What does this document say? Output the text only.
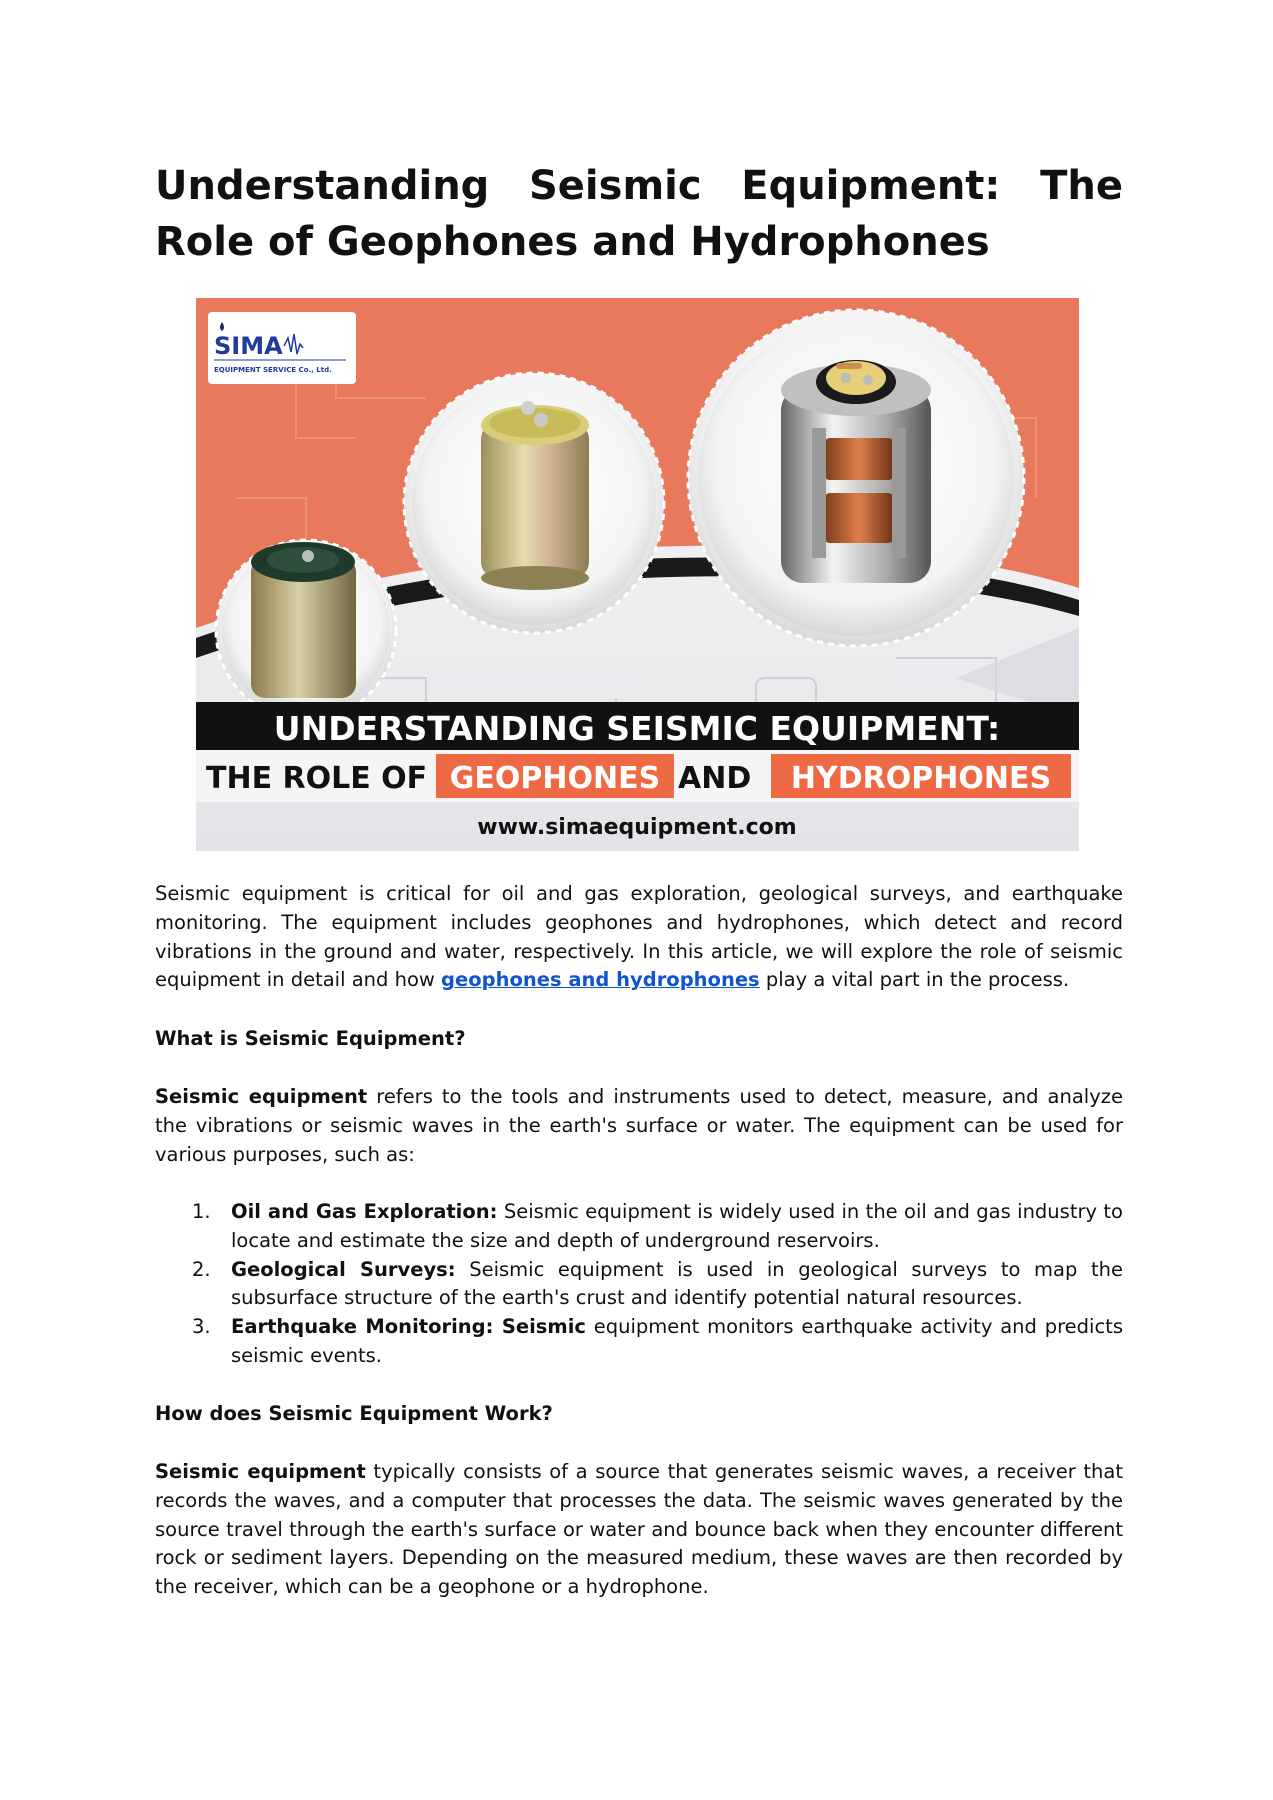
Understanding Seismic Equipment: The Role of Geophones and Hydrophones
SIMA
EQUIPMENT SERVICE Co., Ltd.
UNDERSTANDING SEISMIC EQUIPMENT:
THE ROLE OF GEOPHONES AND HYDROPHONES
www.simaequipment.com

Seismic equipment is critical for oil and gas exploration, geological surveys, and earthquake monitoring. The equipment includes geophones and hydrophones, which detect and record vibrations in the ground and water, respectively. In this article, we will explore the role of seismic equipment in detail and how geophones and hydrophones play a vital part in the process.

What is Seismic Equipment?

Seismic equipment refers to the tools and instruments used to detect, measure, and analyze the vibrations or seismic waves in the earth's surface or water. The equipment can be used for various purposes, such as:

1. Oil and Gas Exploration: Seismic equipment is widely used in the oil and gas industry to locate and estimate the size and depth of underground reservoirs.
2. Geological Surveys: Seismic equipment is used in geological surveys to map the subsurface structure of the earth's crust and identify potential natural resources.
3. Earthquake Monitoring: Seismic equipment monitors earthquake activity and predicts seismic events.
How does Seismic Equipment Work?

Seismic equipment typically consists of a source that generates seismic waves, a receiver that records the waves, and a computer that processes the data. The seismic waves generated by the source travel through the earth's surface or water and bounce back when they encounter different rock or sediment layers. Depending on the measured medium, these waves are then recorded by the receiver, which can be a geophone or a hydrophone.
